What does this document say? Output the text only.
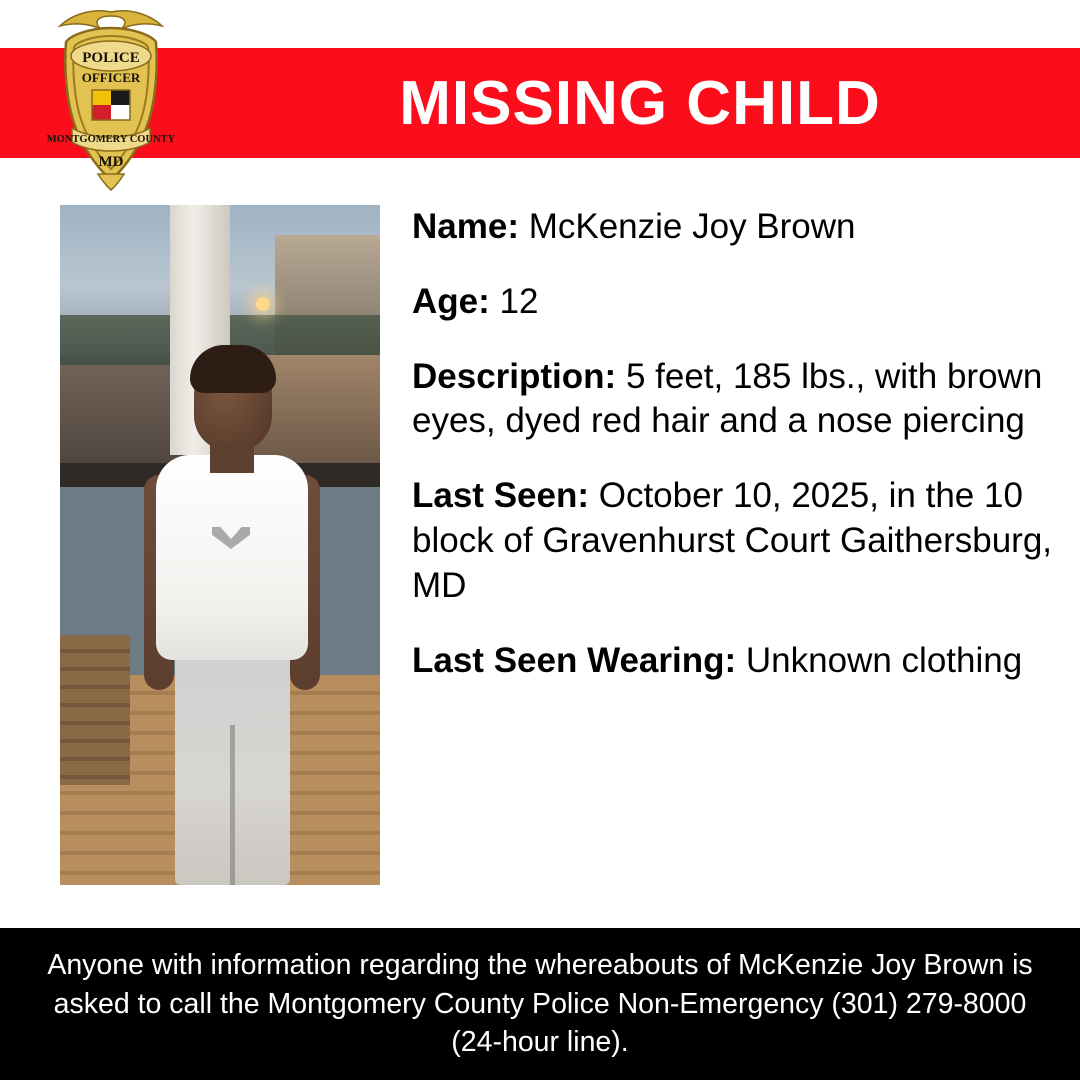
MISSING CHILD
POLICE
OFFICER
MONTGOMERY COUNTY
MD
Name: McKenzie Joy Brown
Age: 12
Description: 5 feet, 185 lbs., with brown eyes, dyed red hair and a nose piercing
Last Seen: October 10, 2025, in the 10 block of Gravenhurst Court Gaithersburg, MD
Last Seen Wearing: Unknown clothing
Anyone with information regarding the whereabouts of McKenzie Joy Brown is asked to call the Montgomery County Police Non-Emergency (301) 279-8000 (24-hour line).
